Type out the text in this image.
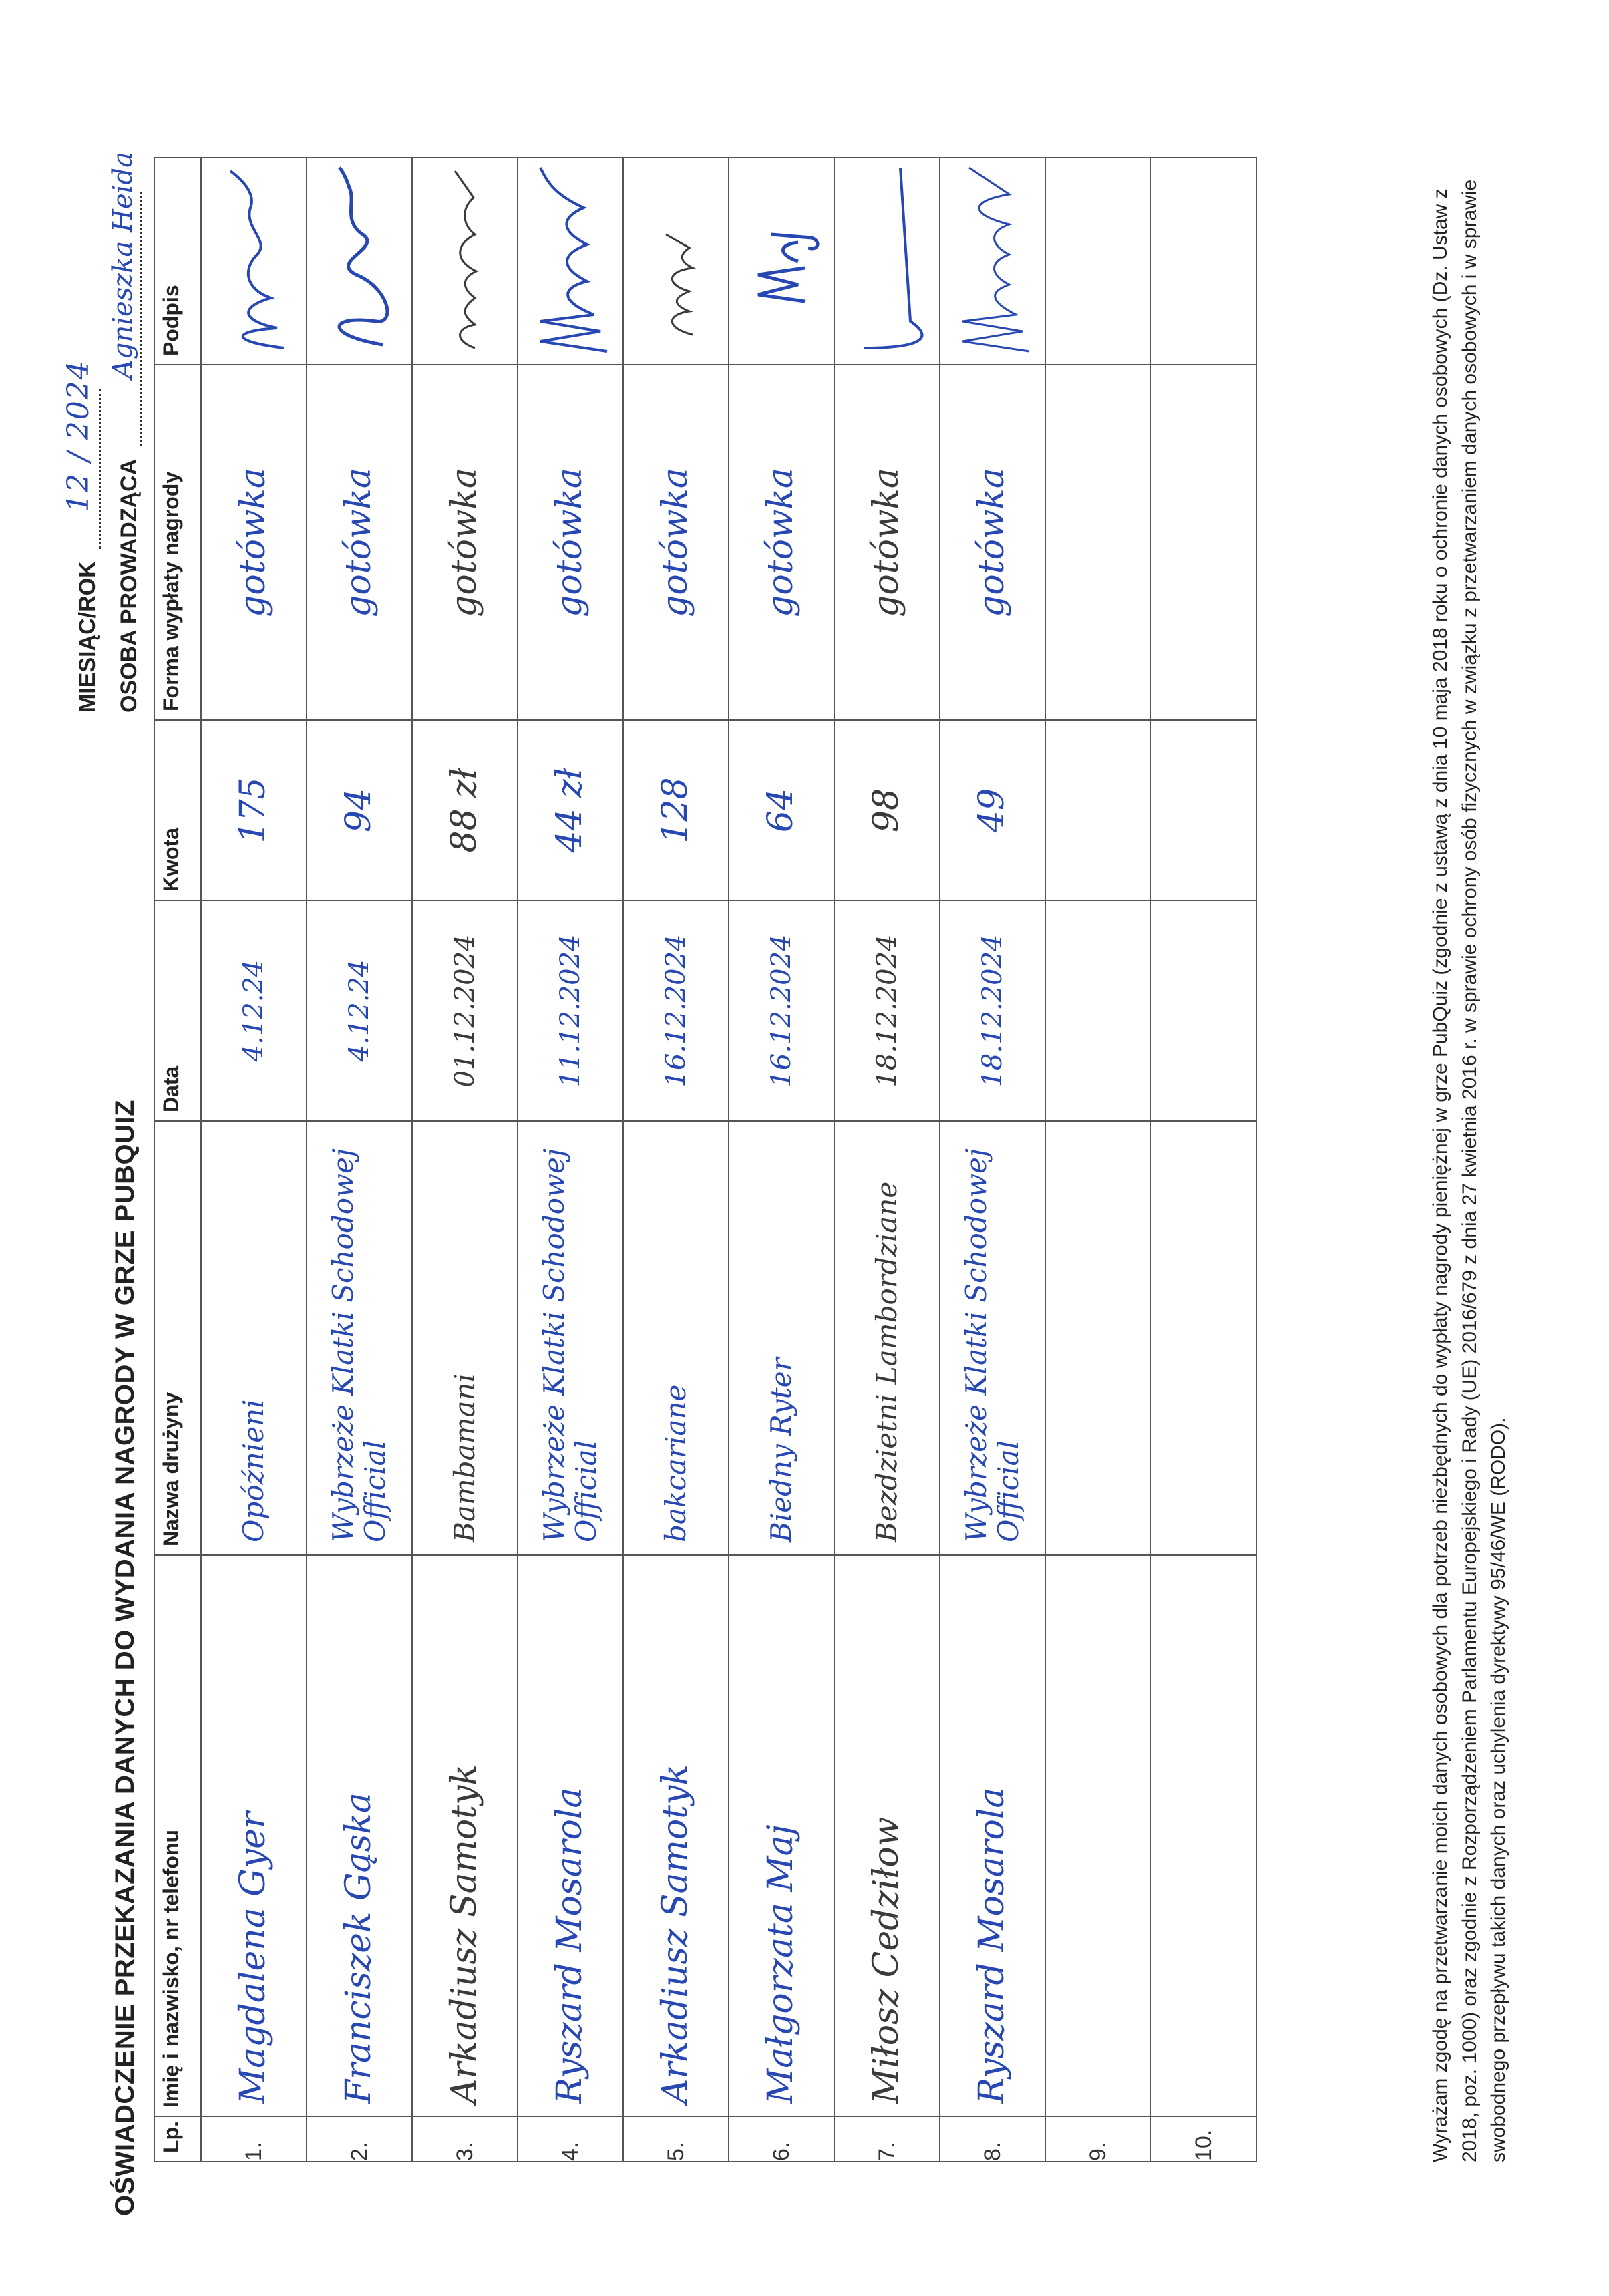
OŚWIADCZENIE PRZEKAZANIA DANYCH DO WYDANIA NAGRODY W GRZE PUBQUIZ
MIESIĄC/ROK
12 / 2024
OSOBA PROWADZĄCA
Agnieszka Heida
Lp.	Imię i nazwisko, nr telefonu	Nazwa drużyny	Data	Kwota	Forma wypłaty nagrody	Podpis
1.	Magdalena Gyer	Opóźnieni	4.12.24	175	gotówka

2.	Franciszek Gąska	Wybrzeże Klatki Schodowej Official	4.12.24	94	gotówka

3.	Arkadiusz Samotyk	Bambamani	01.12.2024	88 zł	gotówka

4.	Ryszard Mosarola	Wybrzeże Klatki Schodowej Official	11.12.2024	44 zł	gotówka

5.	Arkadiusz Samotyk	bakcariane	16.12.2024	128	gotówka

6.	Małgorzata Maj	Biedny Ryter	16.12.2024	64	gotówka

7.	Miłosz Cedziłow	Bezdzietni Lambordziane	18.12.2024	98	gotówka

8.	Ryszard Mosarola	Wybrzeże Klatki Schodowej Official	18.12.2024	49	gotówka

9.	

10.	

		Wyrażam zgodę na przetwarzanie moich danych osobowych dla potrzeb niezbędnych do wypłaty nagrody pieniężnej w grze PubQuiz (zgodnie z ustawą z dnia 10 maja 2018 roku o ochronie danych osobowych (Dz. Ustaw z 2018, poz. 1000) oraz zgodnie z Rozporządzeniem Parlamentu Europejskiego i Rady (UE) 2016/679 z dnia 27 kwietnia 2016 r. w sprawie ochrony osób fizycznych w związku z przetwarzaniem danych osobowych i w sprawie swobodnego przepływu takich danych oraz uchylenia dyrektywy 95/46/WE (RODO).
